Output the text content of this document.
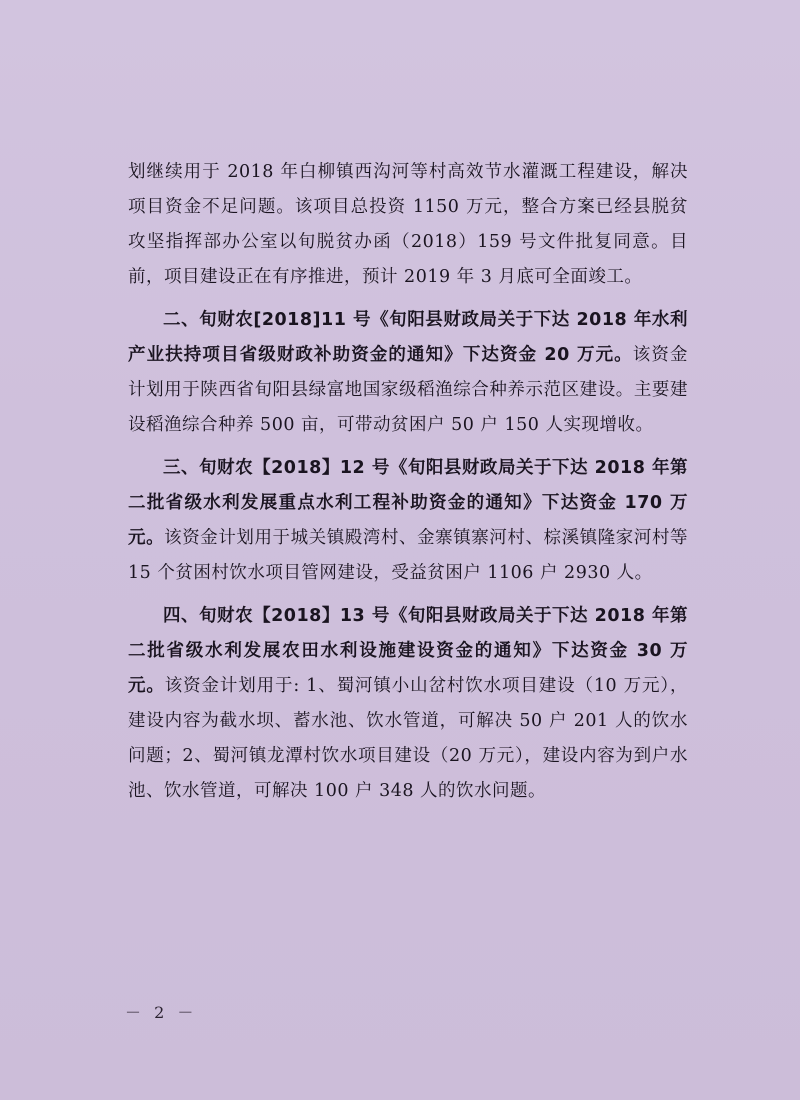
划继续用于 2018 年白柳镇西沟河等村高效节水灌溉工程建设，解决项目资金不足问题。该项目总投资 1150 万元，整合方案已经县脱贫攻坚指挥部办公室以旬脱贫办函（2018）159 号文件批复同意。目前，项目建设正在有序推进，预计 2019 年 3 月底可全面竣工。

二、旬财农[2018]11 号《旬阳县财政局关于下达 2018 年水利产业扶持项目省级财政补助资金的通知》下达资金 20 万元。该资金计划用于陕西省旬阳县绿富地国家级稻渔综合种养示范区建设。主要建设稻渔综合种养 500 亩，可带动贫困户 50 户 150 人实现增收。

三、旬财农【2018】12 号《旬阳县财政局关于下达 2018 年第二批省级水利发展重点水利工程补助资金的通知》下达资金 170 万元。该资金计划用于城关镇殿湾村、金寨镇寨河村、棕溪镇隆家河村等 15 个贫困村饮水项目管网建设，受益贫困户 1106 户 2930 人。

四、旬财农【2018】13 号《旬阳县财政局关于下达 2018 年第二批省级水利发展农田水利设施建设资金的通知》下达资金 30 万元。该资金计划用于: 1、蜀河镇小山岔村饮水项目建设（10 万元），建设内容为截水坝、蓄水池、饮水管道，可解决 50 户 201 人的饮水问题；2、蜀河镇龙潭村饮水项目建设（20 万元），建设内容为到户水池、饮水管道，可解决 100 户 348 人的饮水问题。

－ 2 －
